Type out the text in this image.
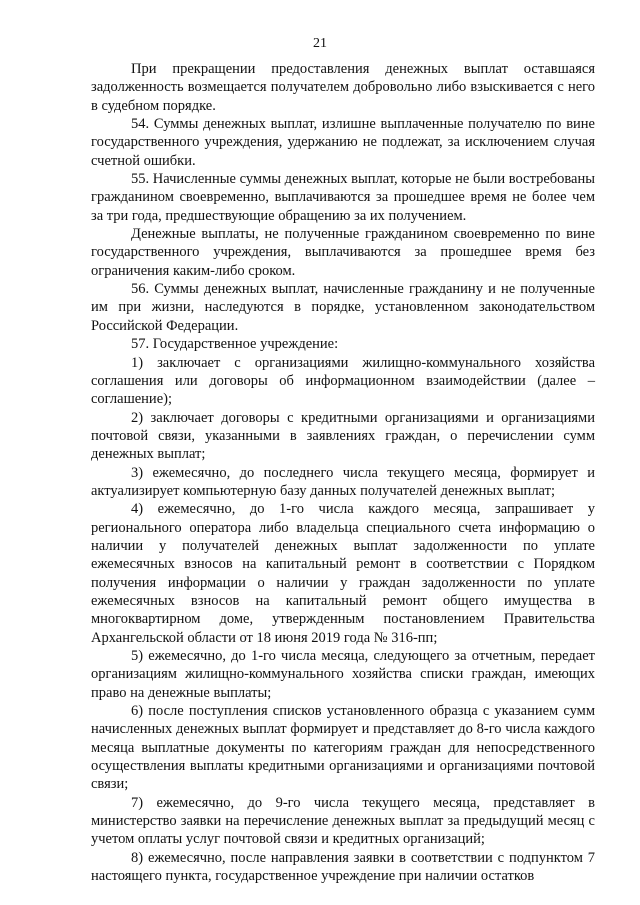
21

При прекращении предоставления денежных выплат оставшаяся задолженность возмещается получателем добровольно либо взыскивается с него в судебном порядке.

54. Суммы денежных выплат, излишне выплаченные получателю по вине государственного учреждения, удержанию не подлежат, за исключением случая счетной ошибки.

55. Начисленные суммы денежных выплат, которые не были востребованы гражданином своевременно, выплачиваются за прошедшее время не более чем за три года, предшествующие обращению за их получением.

Денежные выплаты, не полученные гражданином своевременно по вине государственного учреждения, выплачиваются за прошедшее время без ограничения каким-либо сроком.

56. Суммы денежных выплат, начисленные гражданину и не полученные им при жизни, наследуются в порядке, установленном законодательством Российской Федерации.

57. Государственное учреждение:

1) заключает с организациями жилищно-коммунального хозяйства соглашения или договоры об информационном взаимодействии (далее – соглашение);

2) заключает договоры с кредитными организациями и организациями почтовой связи, указанными в заявлениях граждан, о перечислении сумм денежных выплат;

3) ежемесячно, до последнего числа текущего месяца, формирует и актуализирует компьютерную базу данных получателей денежных выплат;

4) ежемесячно, до 1-го числа каждого месяца, запрашивает у регионального оператора либо владельца специального счета информацию о наличии у получателей денежных выплат задолженности по уплате ежемесячных взносов на капитальный ремонт в соответствии с Порядком получения информации о наличии у граждан задолженности по уплате ежемесячных взносов на капитальный ремонт общего имущества в многоквартирном доме, утвержденным постановлением Правительства Архангельской области от 18 июня 2019 года № 316-пп;

5) ежемесячно, до 1-го числа месяца, следующего за отчетным, передает организациям жилищно-коммунального хозяйства списки граждан, имеющих право на денежные выплаты;

6) после поступления списков установленного образца с указанием сумм начисленных денежных выплат формирует и представляет до 8-го числа каждого месяца выплатные документы по категориям граждан для непосредственного осуществления выплаты кредитными организациями и организациями почтовой связи;

7) ежемесячно, до 9-го числа текущего месяца, представляет в министерство заявки на перечисление денежных выплат за предыдущий месяц с учетом оплаты услуг почтовой связи и кредитных организаций;

8) ежемесячно, после направления заявки в соответствии с подпунктом 7 настоящего пункта, государственное учреждение при наличии остатков
